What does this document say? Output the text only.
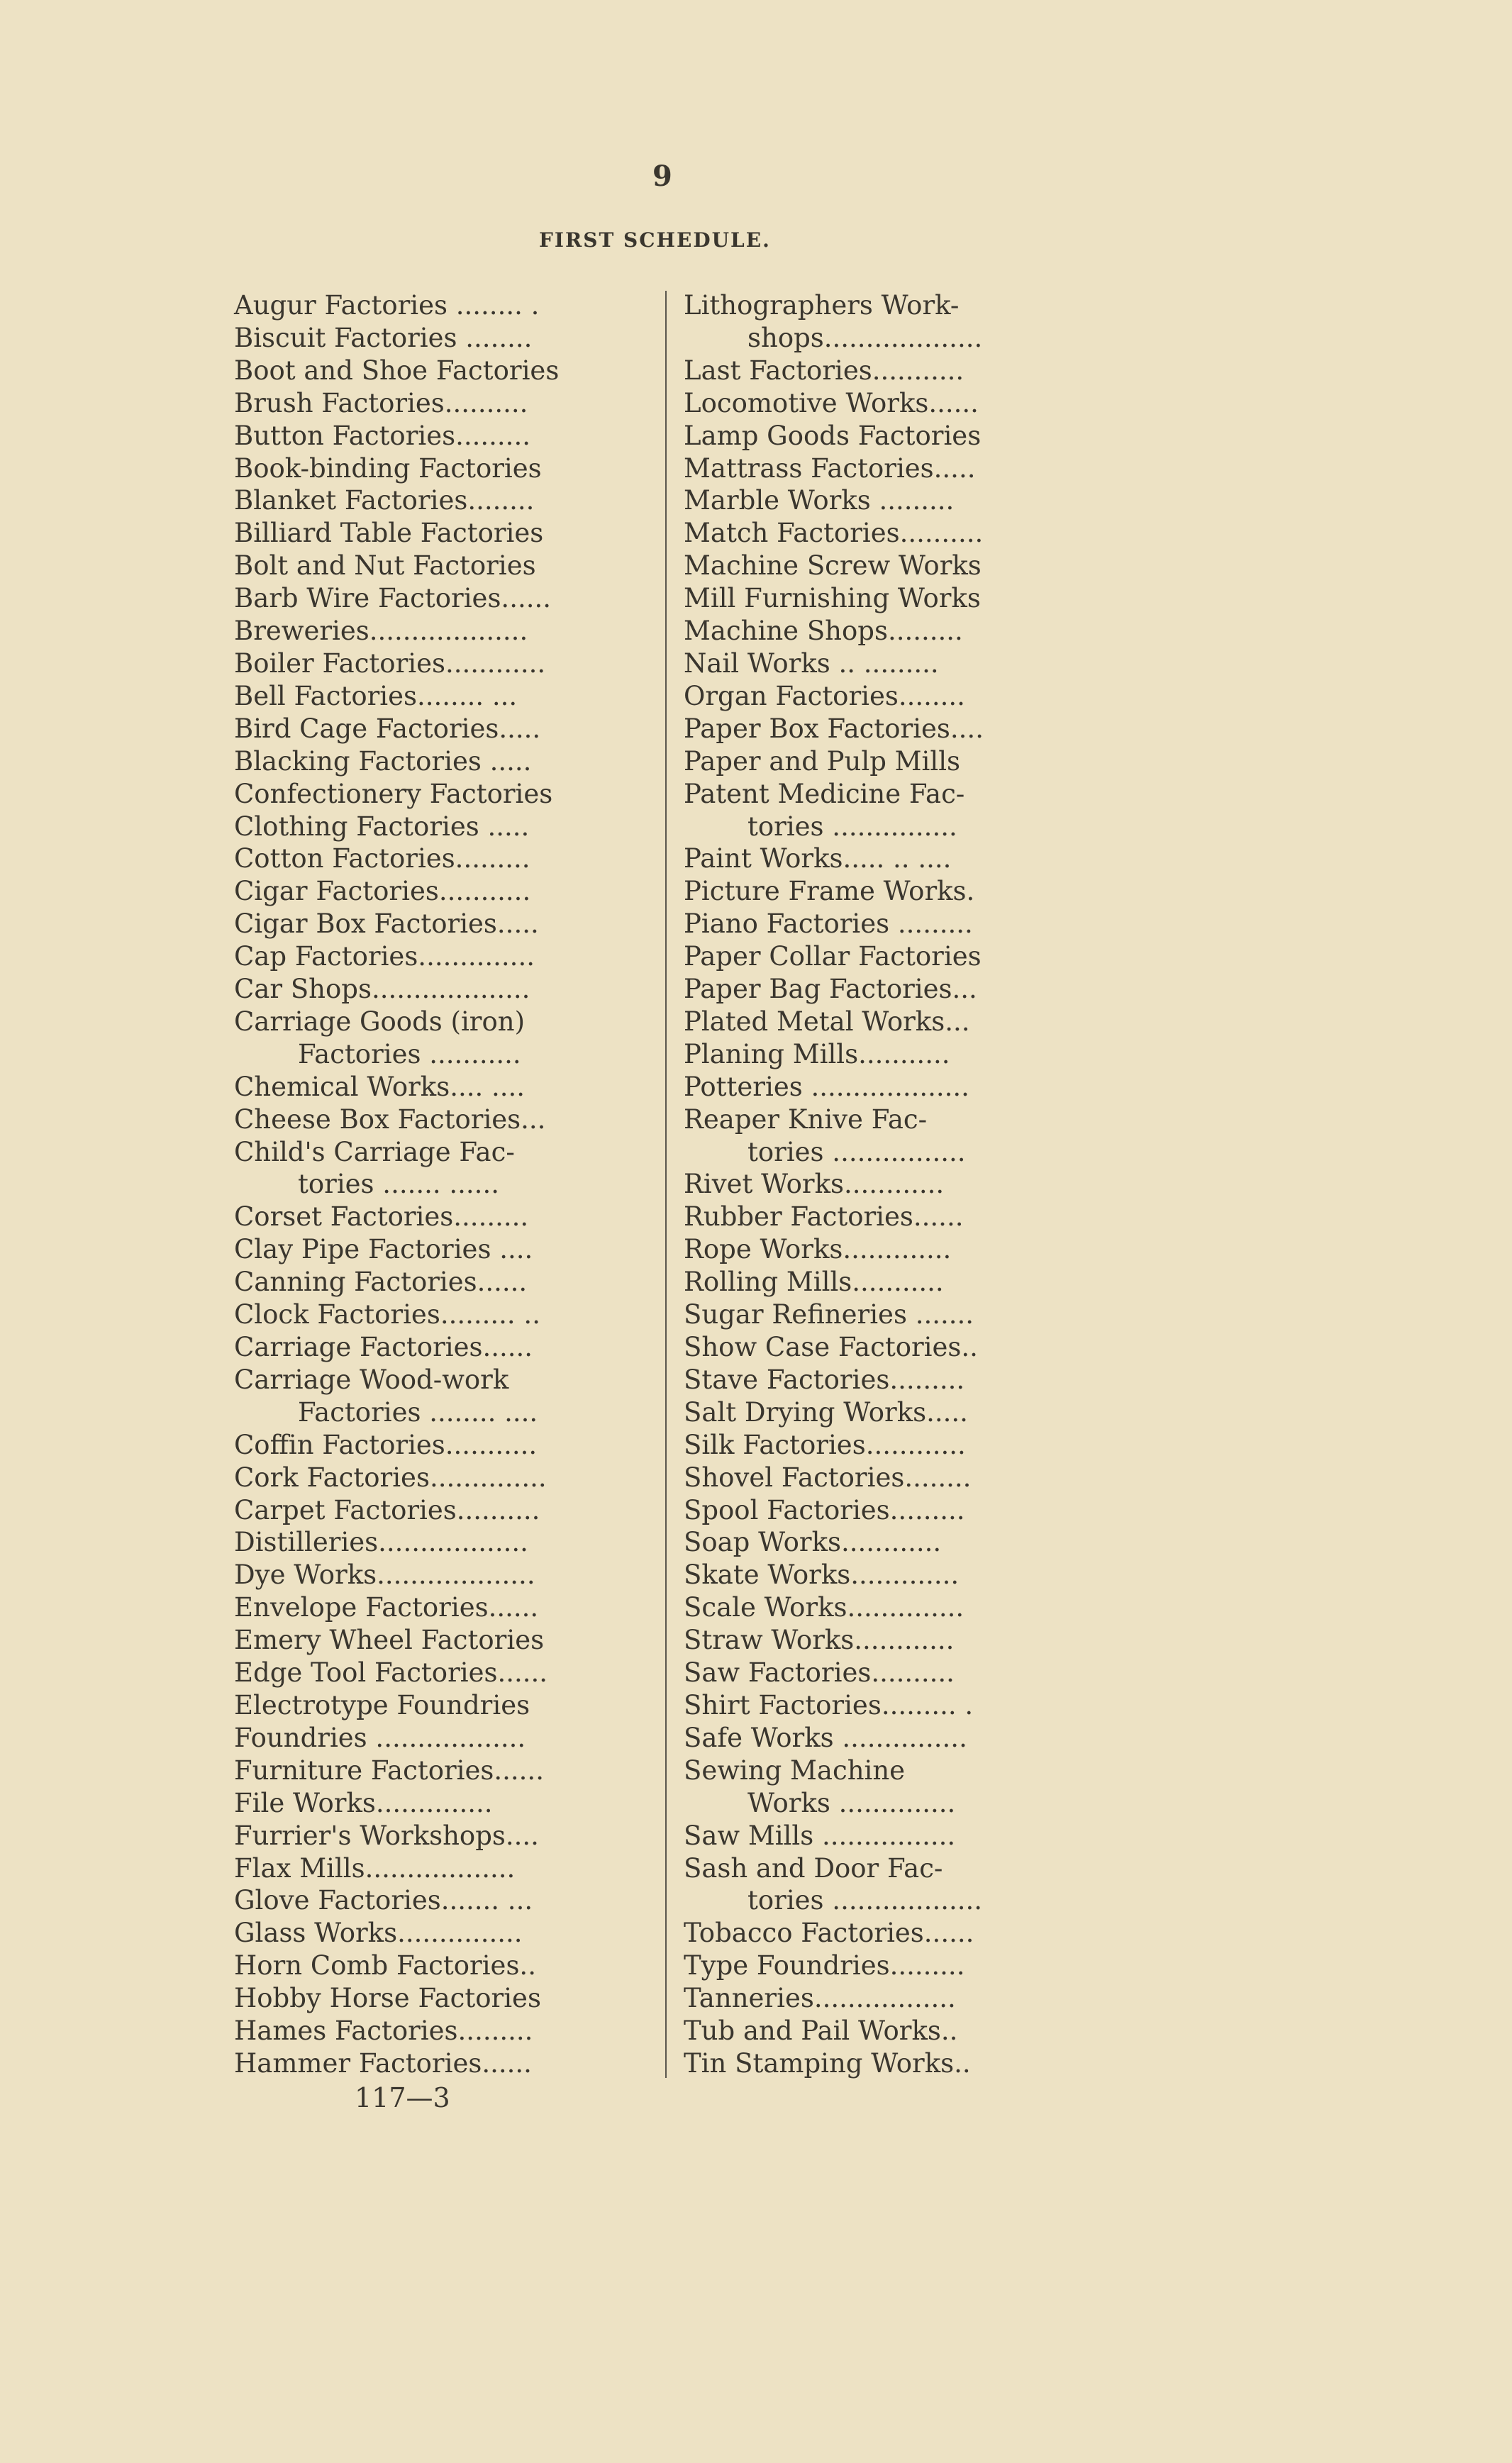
9
FIRST SCHEDULE.
Augur Factories ........ .
Biscuit Factories ........
Boot and Shoe Factories
Brush Factories..........
Button Factories.........
Book-binding Factories
Blanket Factories........
Billiard Table Factories
Bolt and Nut Factories
Barb Wire Factories......
Breweries...................
Boiler Factories............
Bell Factories........ ...
Bird Cage Factories.....
Blacking Factories .....
Confectionery Factories
Clothing Factories .....
Cotton Factories.........
Cigar Factories...........
Cigar Box Factories.....
Cap Factories..............
Car Shops...................
Carriage Goods (iron)
Factories ...........
Chemical Works.... ....
Cheese Box Factories...
Child's Carriage Fac-
tories ....... ......
Corset Factories.........
Clay Pipe Factories ....
Canning Factories......
Clock Factories......... ..
Carriage Factories......
Carriage Wood-work
Factories ........ ....
Coffin Factories...........
Cork Factories..............
Carpet Factories..........
Distilleries..................
Dye Works...................
Envelope Factories......
Emery Wheel Factories
Edge Tool Factories......
Electrotype Foundries
Foundries ..................
Furniture Factories......
File Works..............
Furrier's Workshops....
Flax Mills..................
Glove Factories....... ...
Glass Works...............
Horn Comb Factories..
Hobby Horse Factories
Hames Factories.........
Hammer Factories......
Lithographers Work-
shops...................
Last Factories...........
Locomotive Works......
Lamp Goods Factories
Mattrass Factories.....
Marble Works .........
Match Factories..........
Machine Screw Works
Mill Furnishing Works
Machine Shops.........
Nail Works .. .........
Organ Factories........
Paper Box Factories....
Paper and Pulp Mills
Patent Medicine Fac-
tories ...............
Paint Works..... .. ....
Picture Frame Works.
Piano Factories .........
Paper Collar Factories
Paper Bag Factories...
Plated Metal Works...
Planing Mills...........
Potteries ...................
Reaper Knive Fac-
tories ................
Rivet Works............
Rubber Factories......
Rope Works.............
Rolling Mills...........
Sugar Refineries .......
Show Case Factories..
Stave Factories.........
Salt Drying Works.....
Silk Factories............
Shovel Factories........
Spool Factories.........
Soap Works............
Skate Works.............
Scale Works..............
Straw Works............
Saw Factories..........
Shirt Factories......... .
Safe Works ...............
Sewing Machine
Works ..............
Saw Mills ................
Sash and Door Fac-
tories ..................
Tobacco Factories......
Type Foundries.........
Tanneries.................
Tub and Pail Works..
Tin Stamping Works..
117—3
